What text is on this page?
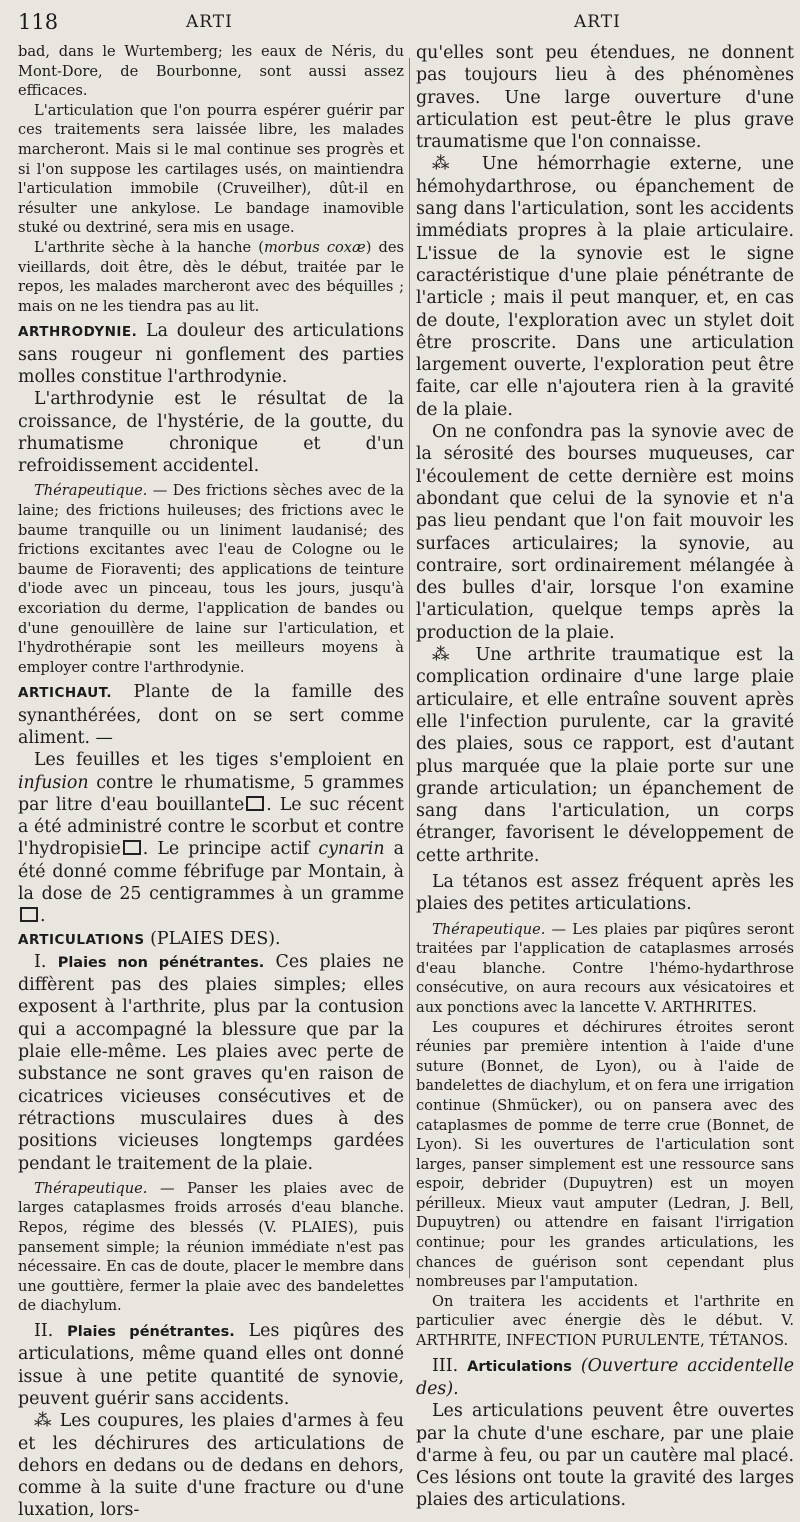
118	ARTI	ARTI

bad, dans le Wurtemberg; les eaux de Néris, du Mont-Dore, de Bourbonne, sont aussi assez efficaces.

L'articulation que l'on pourra espérer guérir par ces traitements sera laissée libre, les malades marcheront. Mais si le mal continue ses progrès et si l'on suppose les cartilages usés, on maintiendra l'articulation immobile (Cruveilher), dût-il en résulter une ankylose. Le bandage inamovible stuké ou dextriné, sera mis en usage.

L'arthrite sèche à la hanche (morbus coxæ) des vieillards, doit être, dès le début, traitée par le repos, les malades marcheront avec des béquilles ; mais on ne les tiendra pas au lit.

ARTHRODYNIE. La douleur des articulations sans rougeur ni gonflement des parties molles constitue l'arthrodynie.

L'arthrodynie est le résultat de la croissance, de l'hystérie, de la goutte, du rhumatisme chronique et d'un refroidissement accidentel.

Thérapeutique. — Des frictions sèches avec de la laine; des frictions huileuses; des frictions avec le baume tranquille ou un liniment laudanisé; des frictions excitantes avec l'eau de Cologne ou le baume de Fioraventi; des applications de teinture d'iode avec un pinceau, tous les jours, jusqu'à excoriation du derme, l'application de bandes ou d'une genouillère de laine sur l'articulation, et l'hydrothérapie sont les meilleurs moyens à employer contre l'arthrodynie.

ARTICHAUT. Plante de la famille des synanthérées, dont on se sert comme aliment. —

Les feuilles et les tiges s'emploient en infusion contre le rhumatisme, 5 grammes par litre d'eau bouillante . Le suc récent a été administré contre le scorbut et contre l'hydropisie . Le principe actif cynarin a été donné comme fébrifuge par Montain, à la dose de 25 centigrammes à un gramme.

ARTICULATIONS (PLAIES DES).

I. Plaies non pénétrantes. Ces plaies ne diffèrent pas des plaies simples; elles exposent à l'arthrite, plus par la contusion qui a accompagné la blessure que par la plaie elle-même. Les plaies avec perte de substance ne sont graves qu'en raison de cicatrices vicieuses consécutives et de rétractions musculaires dues à des positions vicieuses longtemps gardées pendant le traitement de la plaie.

Thérapeutique. — Panser les plaies avec de larges cataplasmes froids arrosés d'eau blanche. Repos, régime des blessés (V. PLAIES), puis pansement simple; la réunion immédiate n'est pas nécessaire. En cas de doute, placer le membre dans une gouttière, fermer la plaie avec des bandelettes de diachylum.

II. Plaies pénétrantes. Les piqûres des articulations, même quand elles ont donné issue à une petite quantité de synovie, peuvent guérir sans accidents.

⁂ Les coupures, les plaies d'armes à feu et les déchirures des articulations de dehors en dedans ou de dedans en dehors, comme à la suite d'une fracture ou d'une luxation, lors-

qu'elles sont peu étendues, ne donnent pas toujours lieu à des phénomènes graves. Une large ouverture d'une articulation est peut-être le plus grave traumatisme que l'on connaisse.

⁂ Une hémorrhagie externe, une hémohydarthrose, ou épanchement de sang dans l'articulation, sont les accidents immédiats propres à la plaie articulaire. L'issue de la synovie est le signe caractéristique d'une plaie pénétrante de l'article ; mais il peut manquer, et, en cas de doute, l'exploration avec un stylet doit être proscrite. Dans une articulation largement ouverte, l'exploration peut être faite, car elle n'ajoutera rien à la gravité de la plaie.

On ne confondra pas la synovie avec de la sérosité des bourses muqueuses, car l'écoulement de cette dernière est moins abondant que celui de la synovie et n'a pas lieu pendant que l'on fait mouvoir les surfaces articulaires; la synovie, au contraire, sort ordinairement mélangée à des bulles d'air, lorsque l'on examine l'articulation, quelque temps après la production de la plaie.

⁂ Une arthrite traumatique est la complication ordinaire d'une large plaie articulaire, et elle entraîne souvent après elle l'infection purulente, car la gravité des plaies, sous ce rapport, est d'autant plus marquée que la plaie porte sur une grande articulation; un épanchement de sang dans l'articulation, un corps étranger, favorisent le développement de cette arthrite.

La tétanos est assez fréquent après les plaies des petites articulations.

Thérapeutique. — Les plaies par piqûres seront traitées par l'application de cataplasmes arrosés d'eau blanche. Contre l'hémo-hydarthrose consécutive, on aura recours aux vésicatoires et aux ponctions avec la lancette V. ARTHRITES.

Les coupures et déchirures étroites seront réunies par première intention à l'aide d'une suture (Bonnet, de Lyon), ou à l'aide de bandelettes de diachylum, et on fera une irrigation continue (Shmücker), ou on pansera avec des cataplasmes de pomme de terre crue (Bonnet, de Lyon). Si les ouvertures de l'articulation sont larges, panser simplement est une ressource sans espoir, debrider (Dupuytren) est un moyen périlleux. Mieux vaut amputer (Ledran, J. Bell, Dupuytren) ou attendre en faisant l'irrigation continue; pour les grandes articulations, les chances de guérison sont cependant plus nombreuses par l'amputation.

On traitera les accidents et l'arthrite en particulier avec énergie dès le début. V. ARTHRITE, INFECTION PURULENTE, TÉTANOS.

III. Articulations (Ouverture accidentelle des).

Les articulations peuvent être ouvertes par la chute d'une eschare, par une plaie d'arme à feu, ou par un cautère mal placé. Ces lésions ont toute la gravité des larges plaies des articulations.
